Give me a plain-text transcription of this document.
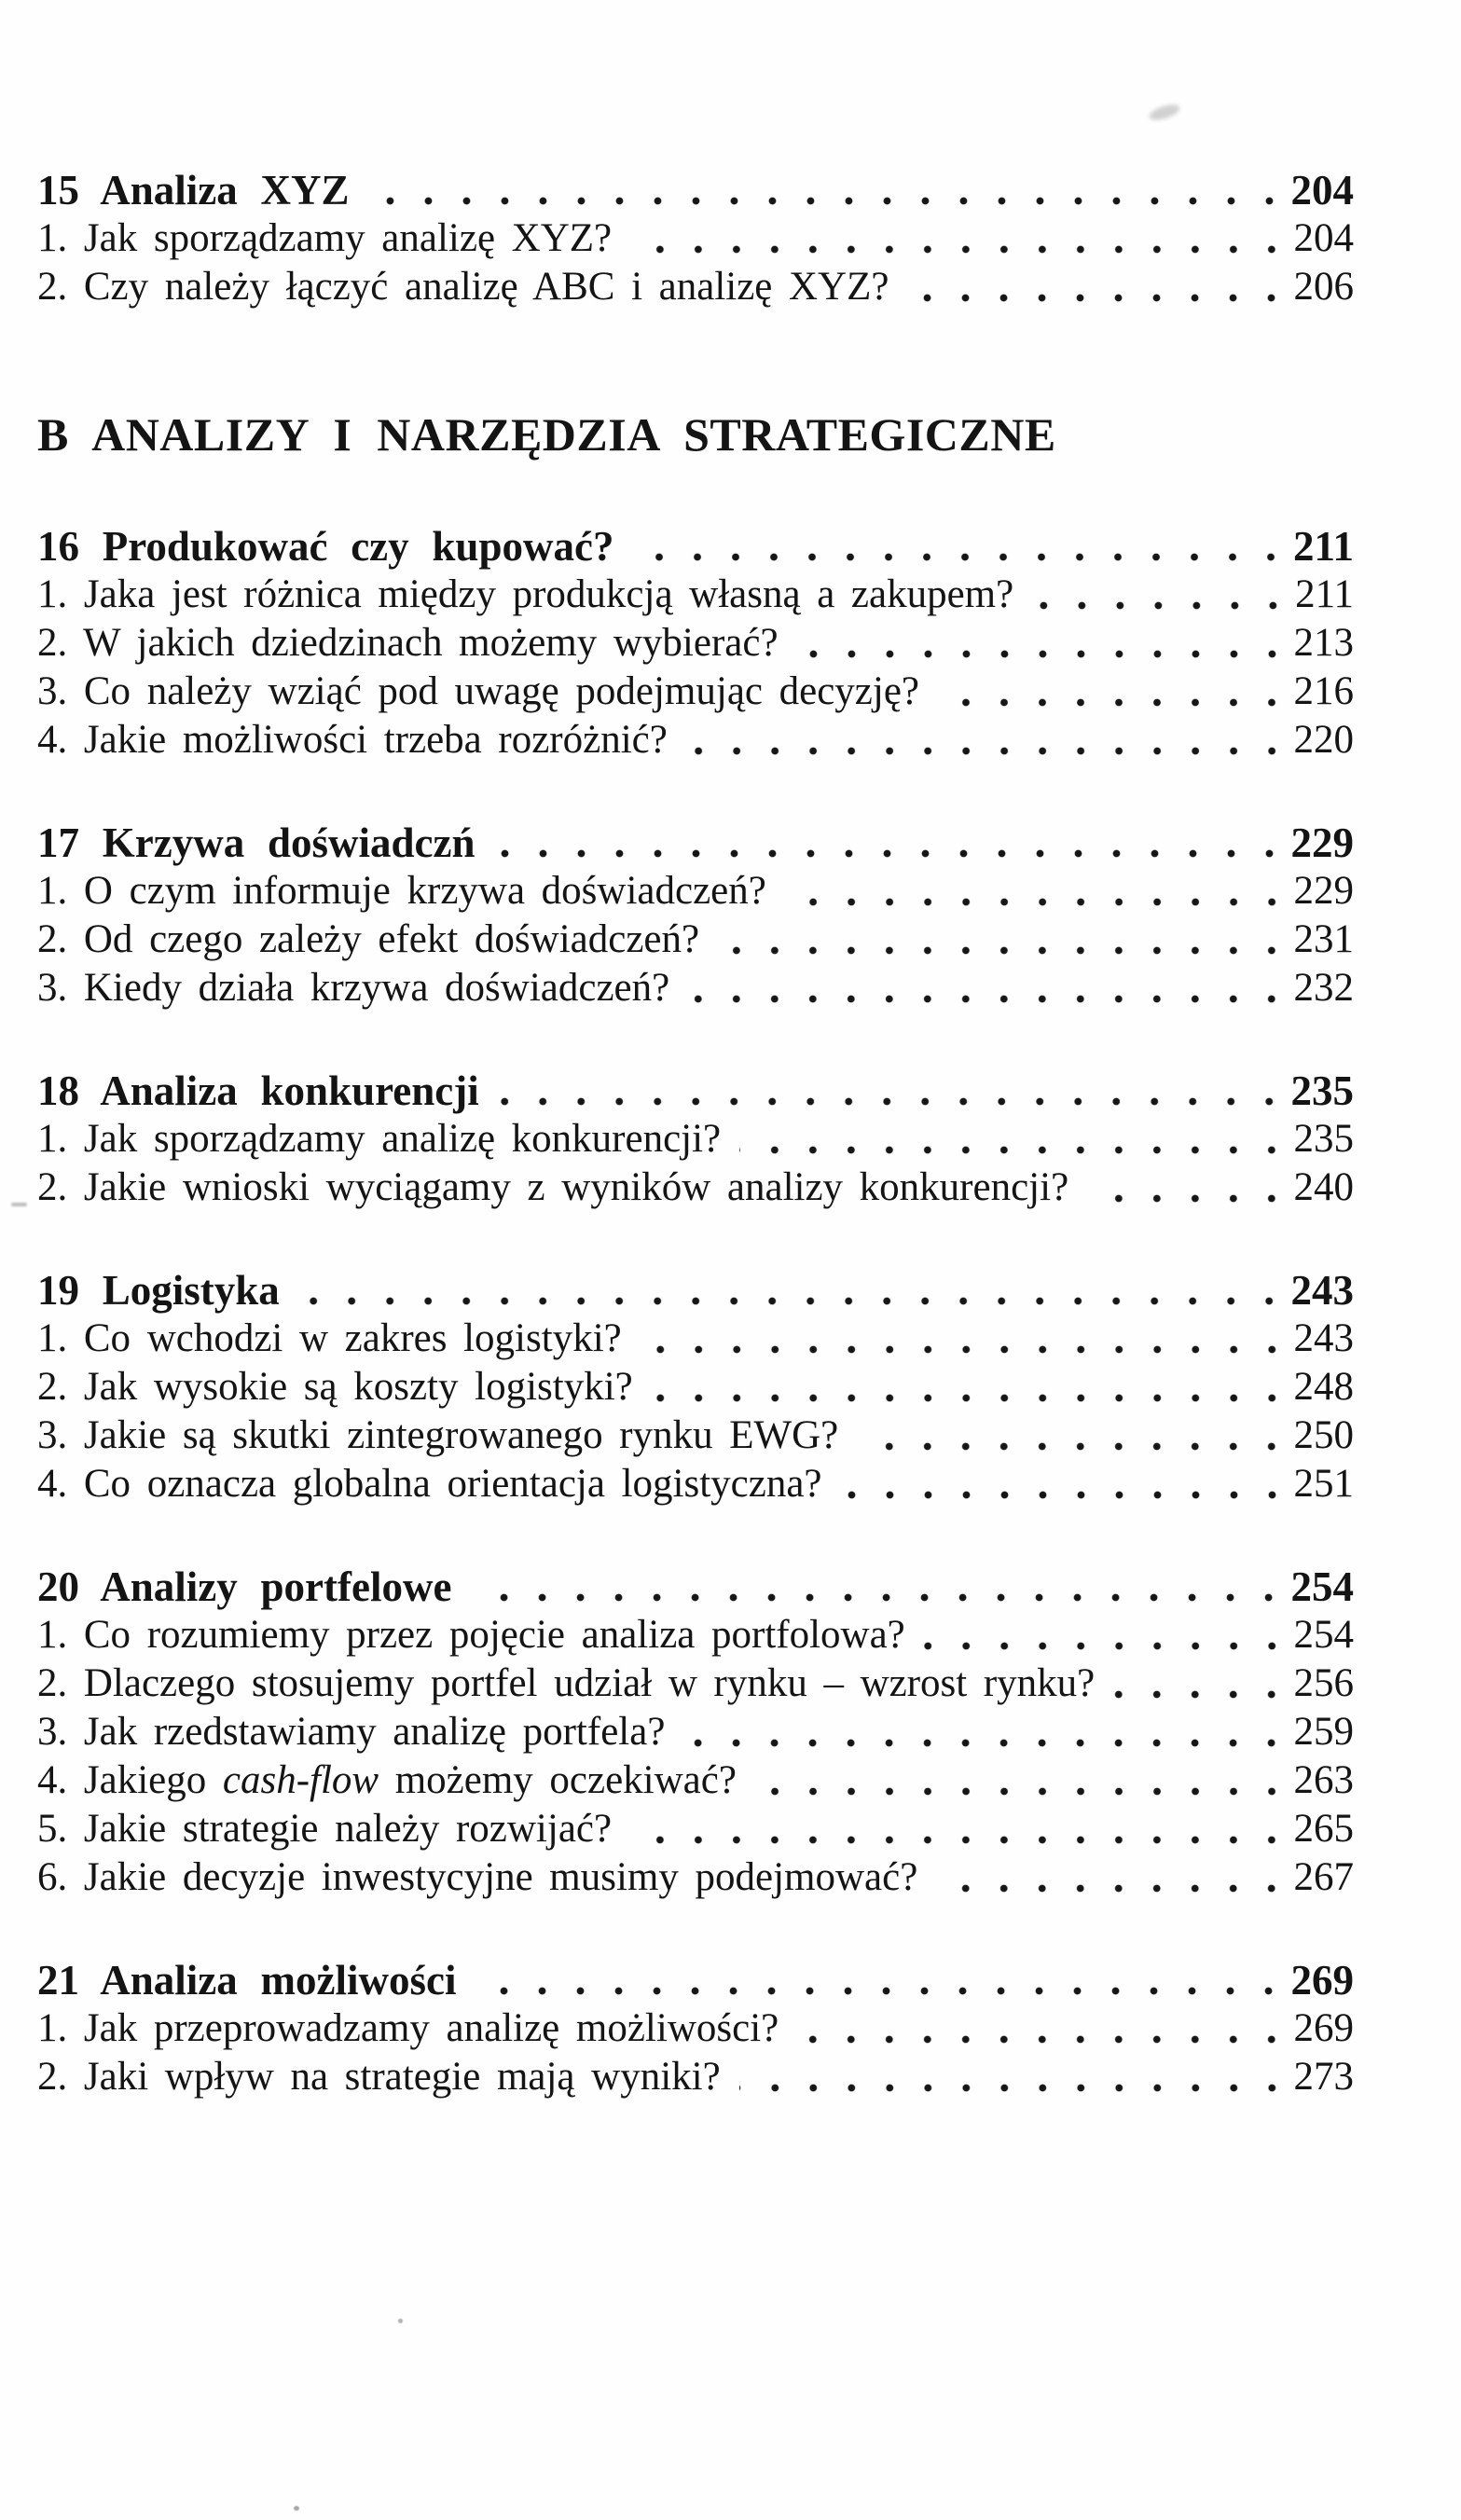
15 Analiza XYZ	204
1. Jak sporządzamy analizę XYZ?	204
2. Czy należy łączyć analizę ABC i analizę XYZ?	206
B ANALIZY I NARZĘDZIA STRATEGICZNE
16 Produkować czy kupować?	211
1. Jaka jest różnica między produkcją własną a zakupem?	211
2. W jakich dziedzinach możemy wybierać?	213
3. Co należy wziąć pod uwagę podejmując decyzję?	216
4. Jakie możliwości trzeba rozróżnić?	220
17 Krzywa doświadczń	229
1. O czym informuje krzywa doświadczeń?	229
2. Od czego zależy efekt doświadczeń?	231
3. Kiedy działa krzywa doświadczeń?	232
18 Analiza konkurencji	235
1. Jak sporządzamy analizę konkurencji?	235
2. Jakie wnioski wyciągamy z wyników analizy konkurencji?	240
19 Logistyka	243
1. Co wchodzi w zakres logistyki?	243
2. Jak wysokie są koszty logistyki?	248
3. Jakie są skutki zintegrowanego rynku EWG?	250
4. Co oznacza globalna orientacja logistyczna?	251
20 Analizy portfelowe	254
1. Co rozumiemy przez pojęcie analiza portfolowa?	254
2. Dlaczego stosujemy portfel udział w rynku – wzrost rynku?	256
3. Jak rzedstawiamy analizę portfela?	259
4. Jakiego cash-flow możemy oczekiwać?	263
5. Jakie strategie należy rozwijać?	265
6. Jakie decyzje inwestycyjne musimy podejmować?	267
21 Analiza możliwości	269
1. Jak przeprowadzamy analizę możliwości?	269
2. Jaki wpływ na strategie mają wyniki?	273
